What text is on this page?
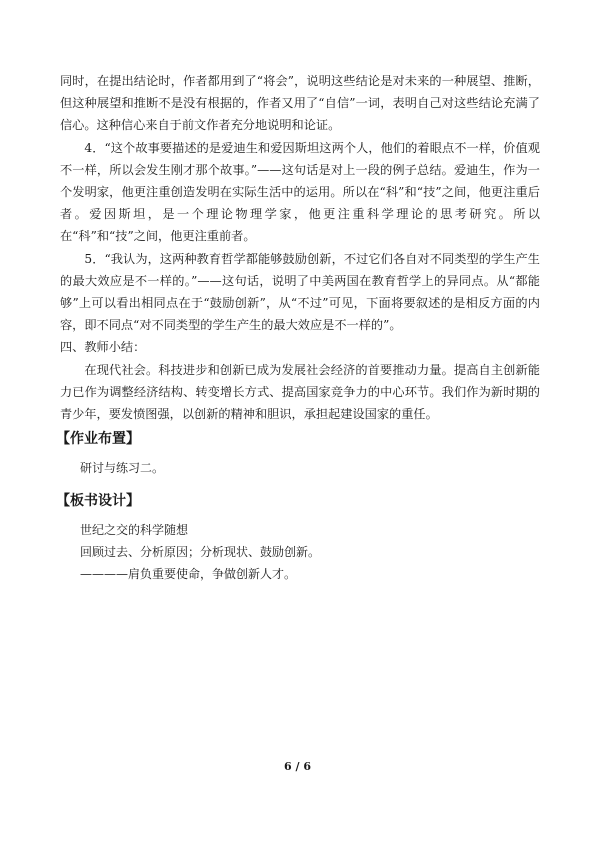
同时，在提出结论时，作者都用到了“将会”，说明这些结论是对未来的一种展望、推断，但这种展望和推断不是没有根据的，作者又用了“自信”一词，表明自己对这些结论充满了信心。这种信心来自于前文作者充分地说明和论证。

4．“这个故事要描述的是爱迪生和爱因斯坦这两个人，他们的着眼点不一样，价值观不一样，所以会发生刚才那个故事。”——这句话是对上一段的例子总结。爱迪生，作为一个发明家，他更注重创造发明在实际生活中的运用。所以在“科”和“技”之间，他更注重后者。爱因斯坦，是一个理论物理学家，他更注重科学理论的思考研究。所以在“科”和“技”之间，他更注重前者。

5．“我认为，这两种教育哲学都能够鼓励创新，不过它们各自对不同类型的学生产生的最大效应是不一样的。”——这句话，说明了中美两国在教育哲学上的异同点。从“都能够”上可以看出相同点在于“鼓励创新”，从“不过”可见，下面将要叙述的是相反方面的内容，即不同点“对不同类型的学生产生的最大效应是不一样的”。

四、教师小结：

在现代社会。科技进步和创新已成为发展社会经济的首要推动力量。提高自主创新能力已作为调整经济结构、转变增长方式、提高国家竞争力的中心环节。我们作为新时期的青少年，要发愤图强，以创新的精神和胆识，承担起建设国家的重任。

【作业布置】

研讨与练习二。

【板书设计】

世纪之交的科学随想

回顾过去、分析原因；分析现状、鼓励创新。

————肩负重要使命，争做创新人才。

6 / 6
